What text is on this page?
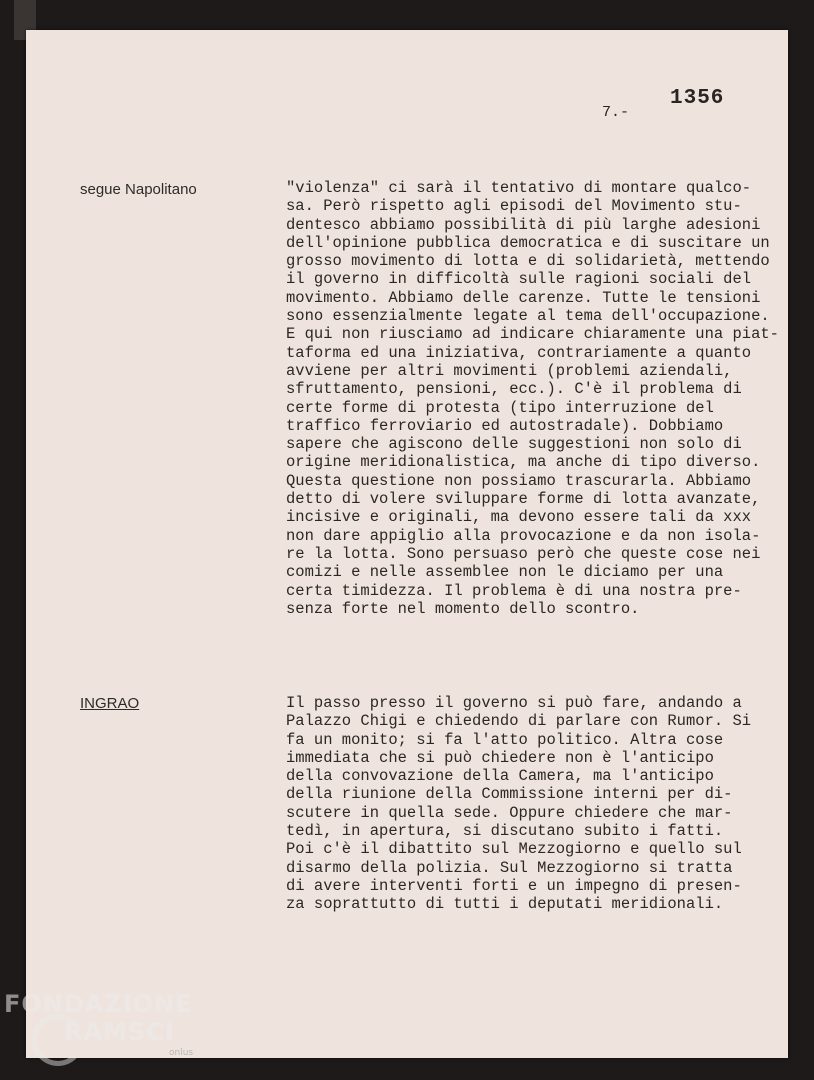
1356
7.-
segue Napolitano	"violenza" ci sarà il tentativo di montare qualco-
sa. Però rispetto agli episodi del Movimento stu-
dentesco abbiamo possibilità di più larghe adesioni
dell'opinione pubblica democratica e di suscitare un
grosso movimento di lotta e di solidarietà, mettendo
il governo in difficoltà sulle ragioni sociali del
movimento. Abbiamo delle carenze. Tutte le tensioni
sono essenzialmente legate al tema dell'occupazione.
E qui non riusciamo ad indicare chiaramente una piat-
taforma ed una iniziativa, contrariamente a quanto
avviene per altri movimenti (problemi aziendali,
sfruttamento, pensioni, ecc.). C'è il problema di
certe forme di protesta (tipo interruzione del
traffico ferroviario ed autostradale). Dobbiamo
sapere che agiscono delle suggestioni non solo di
origine meridionalistica, ma anche di tipo diverso.
Questa questione non possiamo trascurarla. Abbiamo
detto di volere sviluppare forme di lotta avanzate,
incisive e originali, ma devono essere tali da xxx
non dare appiglio alla provocazione e da non isola-
re la lotta. Sono persuaso però che queste cose nei
comizi e nelle assemblee non le diciamo per una
certa timidezza. Il problema è di una nostra pre-
senza forte nel momento dello scontro.
INGRAO	Il passo presso il governo si può fare, andando a
Palazzo Chigi e chiedendo di parlare con Rumor. Si
fa un monito; si fa l'atto politico. Altra cose
immediata che si può chiedere non è l'anticipo
della convovazione della Camera, ma l'anticipo
della riunione della Commissione interni per di-
scutere in quella sede. Oppure chiedere che mar-
tedì, in apertura, si discutano subito i fatti.
Poi c'è il dibattito sul Mezzogiorno e quello sul
disarmo della polizia. Sul Mezzogiorno si tratta
di avere interventi forti e un impegno di presen-
za soprattutto di tutti i deputati meridionali.
FONDAZIONE
RAMSCI
onlus
